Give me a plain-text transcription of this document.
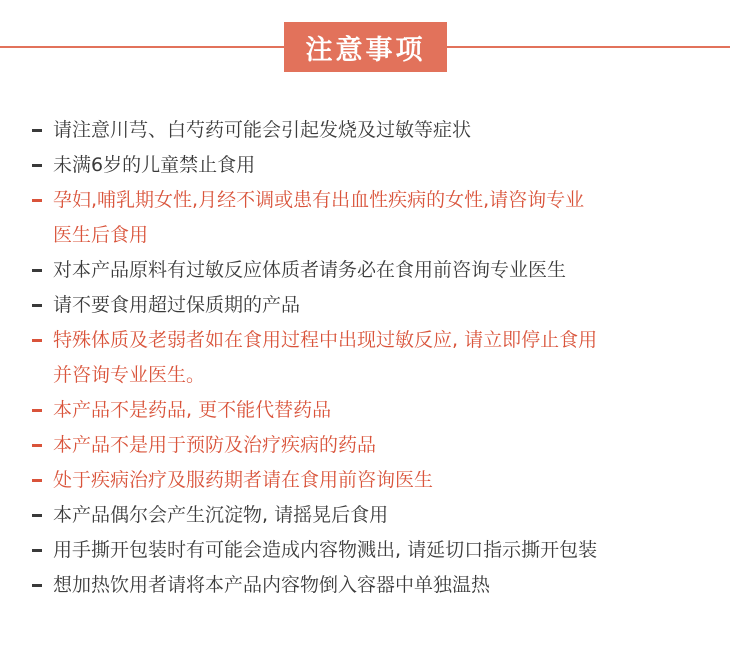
注意事项
请注意川芎、白芍药可能会引起发烧及过敏等症状
未满6岁的儿童禁止食用
孕妇,哺乳期女性,月经不调或患有出血性疾病的女性,请咨询专业
医生后食用
对本产品原料有过敏反应体质者请务必在食用前咨询专业医生
请不要食用超过保质期的产品
特殊体质及老弱者如在食用过程中出现过敏反应, 请立即停止食用
并咨询专业医生。
本产品不是药品, 更不能代替药品
本产品不是用于预防及治疗疾病的药品
处于疾病治疗及服药期者请在食用前咨询医生
本产品偶尔会产生沉淀物, 请摇晃后食用
用手撕开包装时有可能会造成内容物溅出, 请延切口指示撕开包装
想加热饮用者请将本产品内容物倒入容器中单独温热
